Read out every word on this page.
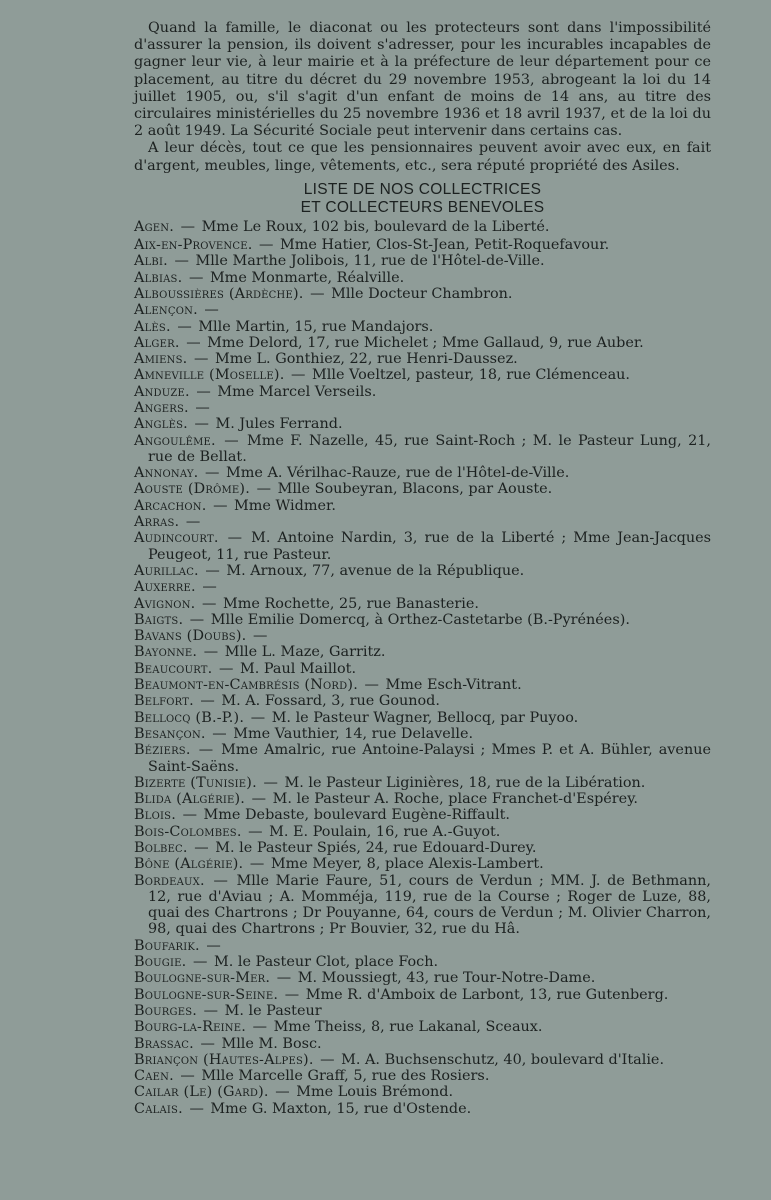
Quand la famille, le diaconat ou les protecteurs sont dans l'impossibilité d'assurer la pension, ils doivent s'adresser, pour les incurables incapables de gagner leur vie, à leur mairie et à la préfecture de leur département pour ce placement, au titre du décret du 29 novembre 1953, abrogeant la loi du 14 juillet 1905, ou, s'il s'agit d'un enfant de moins de 14 ans, au titre des circulaires ministérielles du 25 novembre 1936 et 18 avril 1937, et de la loi du 2 août 1949. La Sécurité Sociale peut intervenir dans certains cas.

A leur décès, tout ce que les pensionnaires peuvent avoir avec eux, en fait d'argent, meubles, linge, vêtements, etc., sera réputé propriété des Asiles.

LISTE DE NOS COLLECTRICES
ET COLLECTEURS BENEVOLES

Agen. — Mme Le Roux, 102 bis, boulevard de la Liberté.

Aix-en-Provence. — Mme Hatier, Clos-St-Jean, Petit-Roquefavour.

Albi. — Mlle Marthe Jolibois, 11, rue de l'Hôtel-de-Ville.

Albias. — Mme Monmarte, Réalville.

Alboussières (Ardèche). — Mlle Docteur Chambron.

Alençon. —

Alès. — Mlle Martin, 15, rue Mandajors.

Alger. — Mme Delord, 17, rue Michelet ; Mme Gallaud, 9, rue Auber.

Amiens. — Mme L. Gonthiez, 22, rue Henri-Daussez.

Amneville (Moselle). — Mlle Voeltzel, pasteur, 18, rue Clémenceau.

Anduze. — Mme Marcel Verseils.

Angers. —

Anglès. — M. Jules Ferrand.

Angoulême. — Mme F. Nazelle, 45, rue Saint-Roch ; M. le Pasteur Lung, 21, rue de Bellat.

Annonay. — Mme A. Vérilhac-Rauze, rue de l'Hôtel-de-Ville.

Aouste (Drôme). — Mlle Soubeyran, Blacons, par Aouste.

Arcachon. — Mme Widmer.

Arras. —

Audincourt. — M. Antoine Nardin, 3, rue de la Liberté ; Mme Jean-Jacques Peugeot, 11, rue Pasteur.

Aurillac. — M. Arnoux, 77, avenue de la République.

Auxerre. —

Avignon. — Mme Rochette, 25, rue Banasterie.

Baigts. — Mlle Emilie Domercq, à Orthez-Castetarbe (B.-Pyrénées).

Bavans (Doubs). —

Bayonne. — Mlle L. Maze, Garritz.

Beaucourt. — M. Paul Maillot.

Beaumont-en-Cambrésis (Nord). — Mme Esch-Vitrant.

Belfort. — M. A. Fossard, 3, rue Gounod.

Bellocq (B.-P.). — M. le Pasteur Wagner, Bellocq, par Puyoo.

Besançon. — Mme Vauthier, 14, rue Delavelle.

Béziers. — Mme Amalric, rue Antoine-Palaysi ; Mmes P. et A. Bühler, avenue Saint-Saëns.

Bizerte (Tunisie). — M. le Pasteur Liginières, 18, rue de la Libération.

Blida (Algérie). — M. le Pasteur A. Roche, place Franchet-d'Espérey.

Blois. — Mme Debaste, boulevard Eugène-Riffault.

Bois-Colombes. — M. E. Poulain, 16, rue A.-Guyot.

Bolbec. — M. le Pasteur Spiés, 24, rue Edouard-Durey.

Bône (Algérie). — Mme Meyer, 8, place Alexis-Lambert.

Bordeaux. — Mlle Marie Faure, 51, cours de Verdun ; MM. J. de Bethmann, 12, rue d'Aviau ; A. Momméja, 119, rue de la Course ; Roger de Luze, 88, quai des Chartrons ; Dr Pouyanne, 64, cours de Verdun ; M. Olivier Charron, 98, quai des Chartrons ; Pr Bouvier, 32, rue du Hâ.

Boufarik. —

Bougie. — M. le Pasteur Clot, place Foch.

Boulogne-sur-Mer. — M. Moussiegt, 43, rue Tour-Notre-Dame.

Boulogne-sur-Seine. — Mme R. d'Amboix de Larbont, 13, rue Gutenberg.

Bourges. — M. le Pasteur

Bourg-la-Reine. — Mme Theiss, 8, rue Lakanal, Sceaux.

Brassac. — Mlle M. Bosc.

Briançon (Hautes-Alpes). — M. A. Buchsenschutz, 40, boulevard d'Italie.

Caen. — Mlle Marcelle Graff, 5, rue des Rosiers.

Cailar (Le) (Gard). — Mme Louis Brémond.

Calais. — Mme G. Maxton, 15, rue d'Ostende.
